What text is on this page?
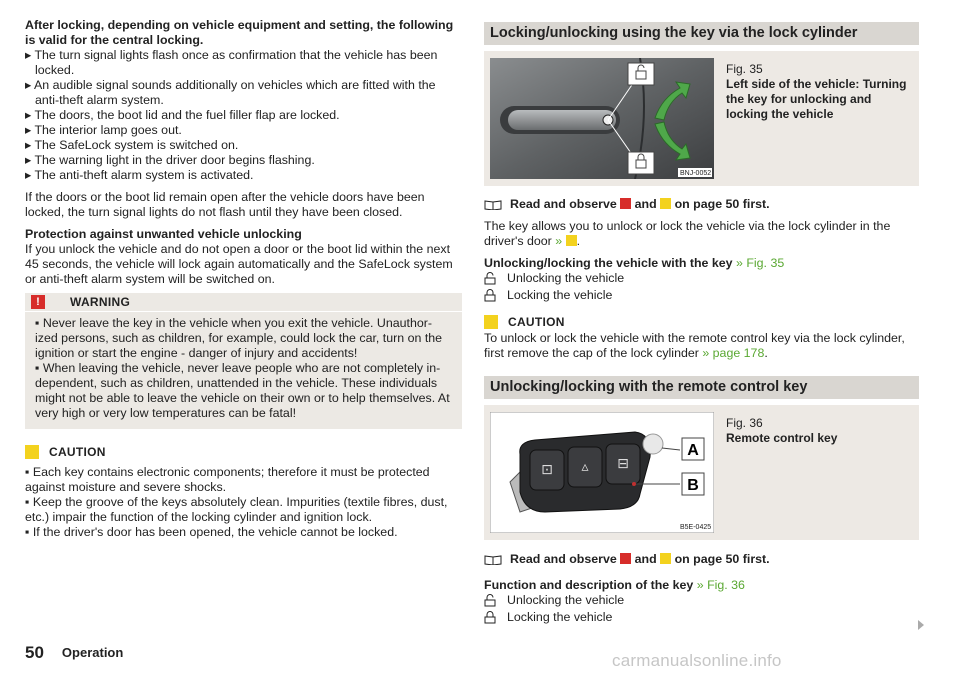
After locking, depending on vehicle equipment and setting, the following is valid for the central locking.

▸ The turn signal lights flash once as confirmation that the vehicle has been locked.

▸ An audible signal sounds additionally on vehicles which are fitted with the anti-theft alarm system.

▸ The doors, the boot lid and the fuel filler flap are locked.

▸ The interior lamp goes out.

▸ The SafeLock system is switched on.

▸ The warning light in the driver door begins flashing.

▸ The anti-theft alarm system is activated.

If the doors or the boot lid remain open after the vehicle doors have been locked, the turn signal lights do not flash until they have been closed.

Protection against unwanted vehicle unlocking

If you unlock the vehicle and do not open a door or the boot lid within the next 45 seconds, the vehicle will lock again automatically and the SafeLock system or anti-theft alarm system will be switched on.

!	WARNING

▪ Never leave the key in the vehicle when you exit the vehicle. Unauthor-ized persons, such as children, for example, could lock the car, turn on the ignition or start the engine - danger of injury and accidents!

▪ When leaving the vehicle, never leave people who are not completely in-dependent, such as children, unattended in the vehicle. These individuals might not be able to leave the vehicle on their own or to help themselves. At very high or very low temperatures can be fatal!

CAUTION

▪ Each key contains electronic components; therefore it must be protected against moisture and severe shocks.

▪ Keep the groove of the keys absolutely clean. Impurities (textile fibres, dust, etc.) impair the function of the locking cylinder and ignition lock.

▪ If the driver's door has been opened, the vehicle cannot be locked.

Locking/unlocking using the key via the lock cylinder
BNJ-0052

Fig. 35

Left side of the vehicle: Turning the key for unlocking and locking the vehicle

Read and observe and on page 50 first.

The key allows you to unlock or lock the vehicle via the lock cylinder in the driver's door » .

Unlocking/locking the vehicle with the key » Fig. 35

Unlocking the vehicle
Locking the vehicle
CAUTION

To unlock or lock the vehicle with the remote control key via the lock cylinder, first remove the cap of the lock cylinder » page 178.

Unlocking/locking with the remote control key
⊡ ▵ ⊟
A
B
B5E-0425

Fig. 36

Remote control key

Read and observe and on page 50 first.

Function and description of the key » Fig. 36

Unlocking the vehicle
Locking the vehicle
50 Operation	carmanualsonline.info
